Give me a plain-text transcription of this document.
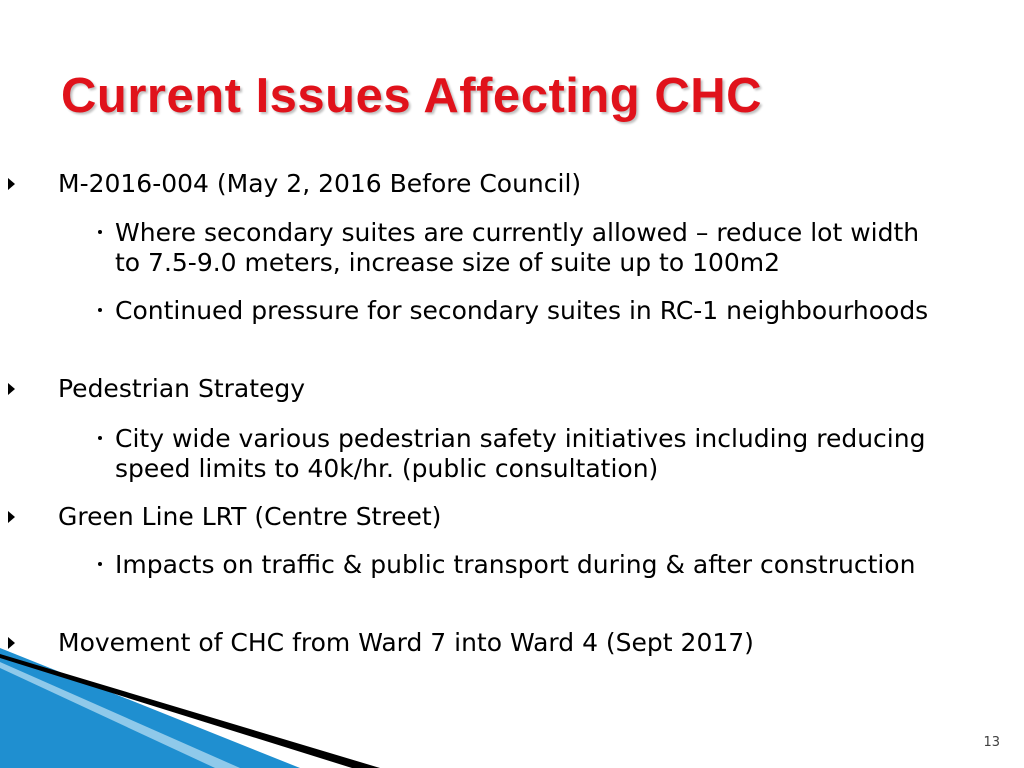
Current Issues Affecting CHC
M-2016-004 (May 2, 2016 Before Council)
Where secondary suites are currently allowed – reduce lot width to 7.5-9.0 meters, increase size of suite up to 100m2
Continued pressure for secondary suites in RC-1 neighbourhoods
Pedestrian Strategy
City wide various pedestrian safety initiatives including reducing speed limits to 40k/hr. (public consultation)
Green Line LRT (Centre Street)
Impacts on traffic & public transport during & after construction
Movement of CHC from Ward 7 into Ward 4 (Sept 2017)
13
